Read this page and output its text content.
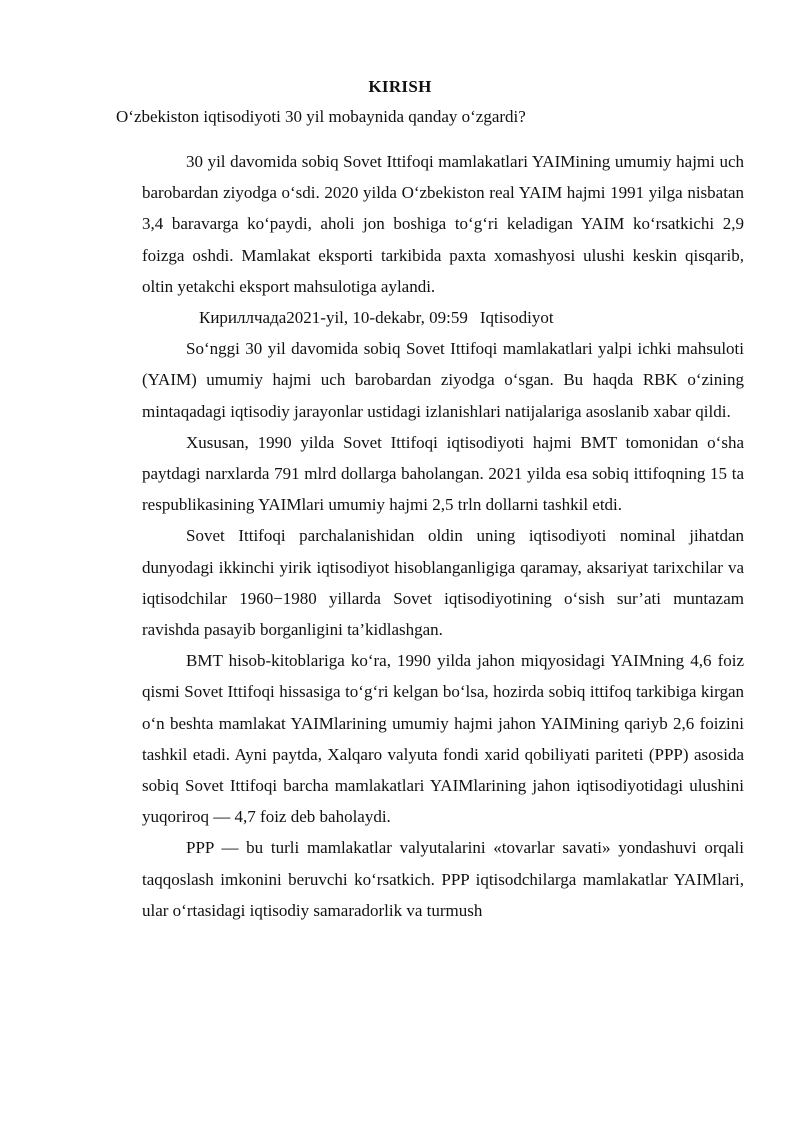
KIRISH
O‘zbekiston iqtisodiyoti 30 yil mobaynida qanday o‘zgardi?

30 yil davomida sobiq Sovet Ittifoqi mamlakatlari YAIMining umumiy hajmi uch barobardan ziyodga o‘sdi. 2020 yilda O‘zbekiston real YAIM hajmi 1991 yilga nisbatan 3,4 baravarga ko‘paydi, aholi jon boshiga to‘g‘ri keladigan YAIM ko‘rsatkichi 2,9 foizga oshdi. Mamlakat eksporti tarkibida paxta xomashyosi ulushi keskin qisqarib, oltin yetakchi eksport mahsulotiga aylandi.

Кириллчада2021-yil, 10-dekabr, 09:59 Iqtisodiyot

So‘nggi 30 yil davomida sobiq Sovet Ittifoqi mamlakatlari yalpi ichki mahsuloti (YAIM) umumiy hajmi uch barobardan ziyodga o‘sgan. Bu haqda RBK o‘zining mintaqadagi iqtisodiy jarayonlar ustidagi izlanishlari natijalariga asoslanib xabar qildi.

Xususan, 1990 yilda Sovet Ittifoqi iqtisodiyoti hajmi BMT tomonidan o‘sha paytdagi narxlarda 791 mlrd dollarga baholangan. 2021 yilda esa sobiq ittifoqning 15 ta respublikasining YAIMlari umumiy hajmi 2,5 trln dollarni tashkil etdi.

Sovet Ittifoqi parchalanishidan oldin uning iqtisodiyoti nominal jihatdan dunyodagi ikkinchi yirik iqtisodiyot hisoblanganligiga qaramay, aksariyat tarixchilar va iqtisodchilar 1960−1980 yillarda Sovet iqtisodiyotining o‘sish sur’ati muntazam ravishda pasayib borganligini ta’kidlashgan.

BMT hisob-kitoblariga ko‘ra, 1990 yilda jahon miqyosidagi YAIMning 4,6 foiz qismi Sovet Ittifoqi hissasiga to‘g‘ri kelgan bo‘lsa, hozirda sobiq ittifoq tarkibiga kirgan o‘n beshta mamlakat YAIMlarining umumiy hajmi jahon YAIMining qariyb 2,6 foizini tashkil etadi. Ayni paytda, Xalqaro valyuta fondi xarid qobiliyati pariteti (PPP) asosida sobiq Sovet Ittifoqi barcha mamlakatlari YAIMlarining jahon iqtisodiyotidagi ulushini yuqoriroq — 4,7 foiz deb baholaydi.

PPP — bu turli mamlakatlar valyutalarini «tovarlar savati» yondashuvi orqali taqqoslash imkonini beruvchi ko‘rsatkich. PPP iqtisodchilarga mamlakatlar YAIMlari, ular o‘rtasidagi iqtisodiy samaradorlik va turmush
